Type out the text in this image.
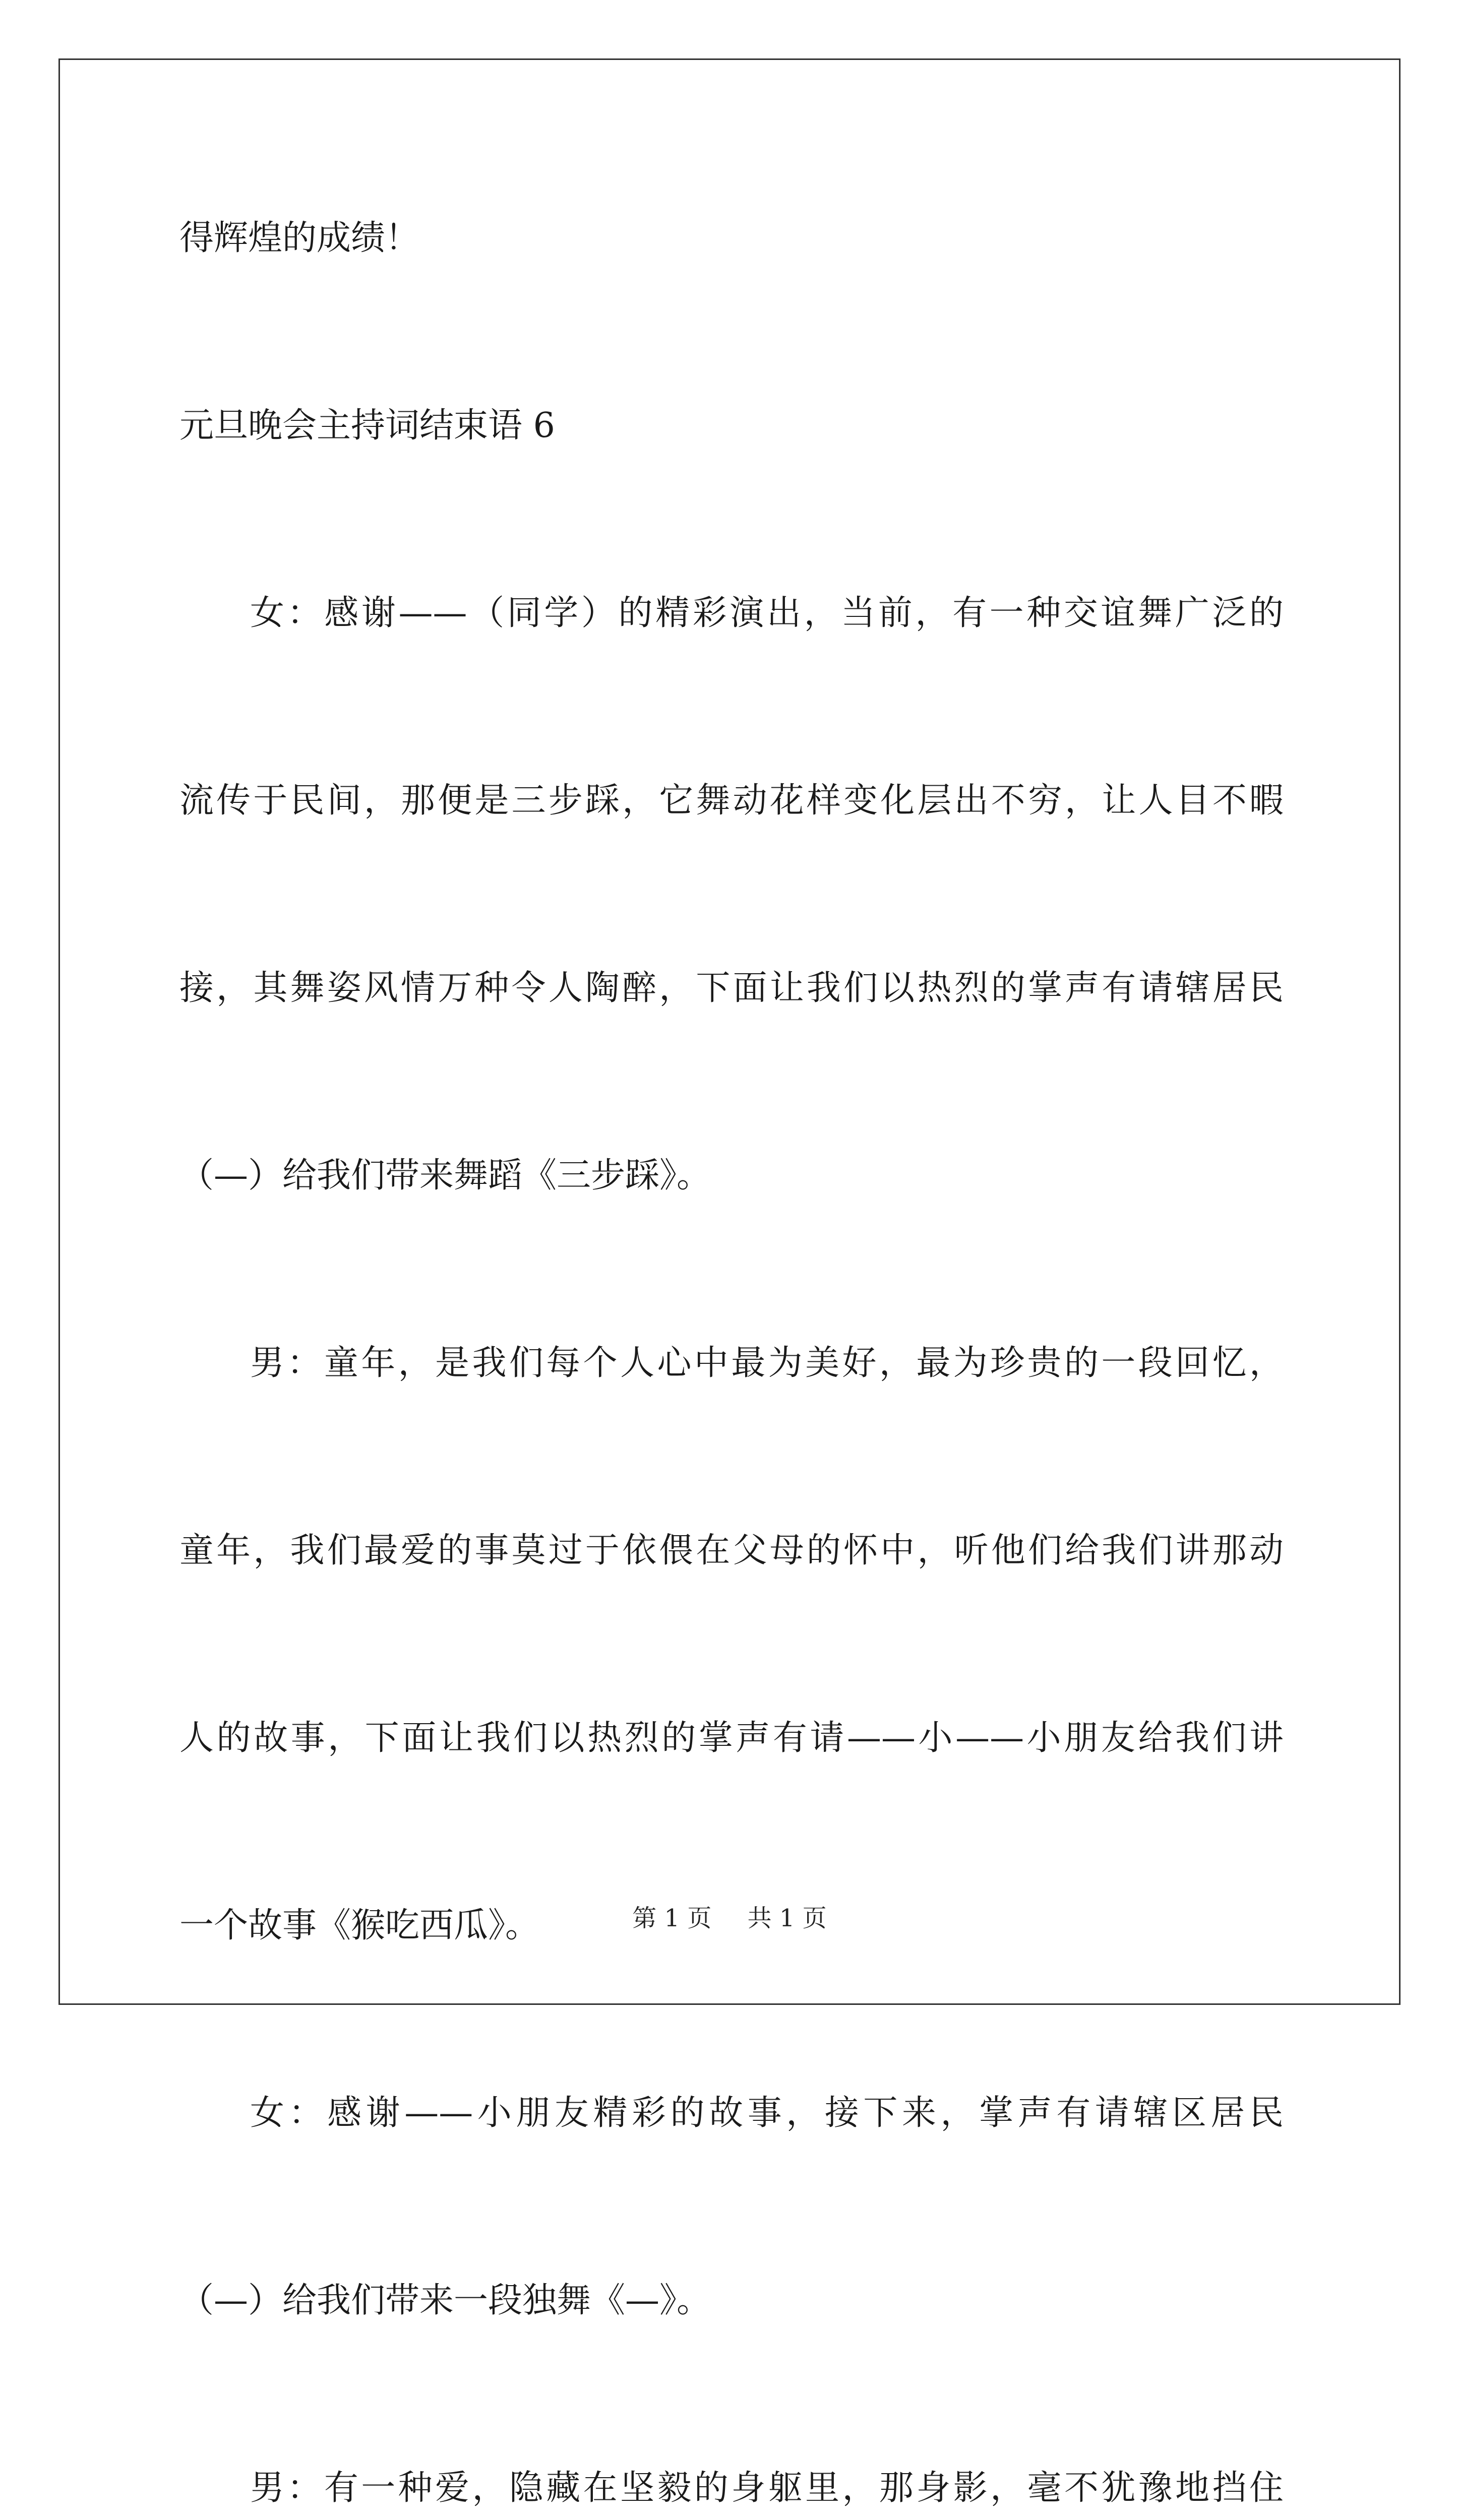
得辉煌的成绩！
元旦晚会主持词结束语 6
女：感谢——（同学）的精彩演出，当前，有一种交谊舞广泛的
流传于民间，那便是三步踩，它舞动花样变化层出不穷，让人目不暇
接，其舞姿风情万种令人陶醉，下面让我们以热烈的掌声有请辖居民
（—）给我们带来舞蹈《三步踩》。
男：童年，是我们每个人心中最为美好，最为珍贵的一段回忆，
童年，我们最爱的事莫过于依偎在父母的怀中，听他们给我们讲那动
人的故事，下面让我们以热烈的掌声有请——小——小朋友给我们讲
一个故事《猴吃西瓜》。
女：感谢——小朋友精彩的故事，接下来，掌声有请辖区居民
（—）给我们带来一段独舞《—》。
男：有一种爱，隐藏在坚毅的身躯里，那身影，毫不犹豫地挡住
第 1 页 共 1 页
